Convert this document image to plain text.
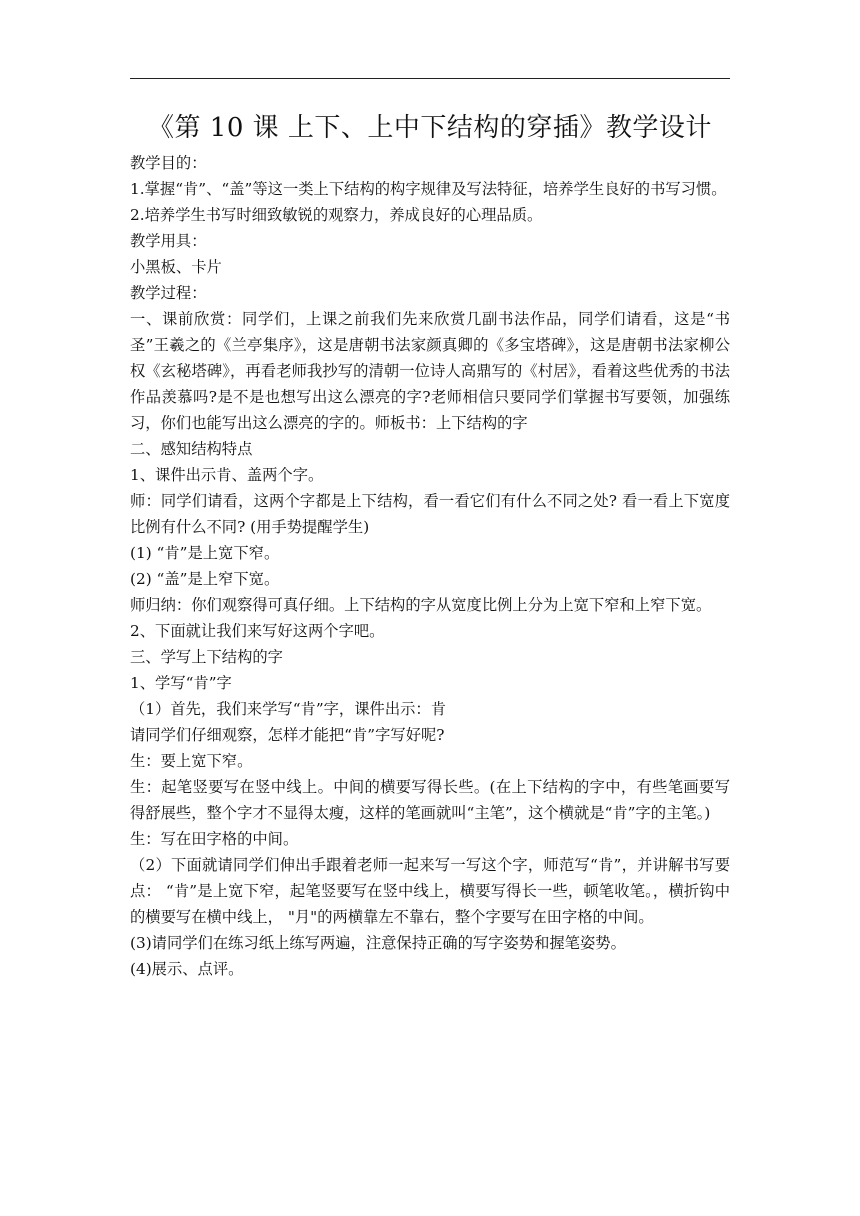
《第 10 课 上下、上中下结构的穿插》教学设计

教学目的：

1.掌握“肯”、“盖”等这一类上下结构的构字规律及写法特征，培养学生良好的书写习惯。

2.培养学生书写时细致敏锐的观察力，养成良好的心理品质。

教学用具：

小黑板、卡片

教学过程：

一、课前欣赏：同学们，上课之前我们先来欣赏几副书法作品，同学们请看，这是“书圣”王羲之的《兰亭集序》，这是唐朝书法家颜真卿的《多宝塔碑》，这是唐朝书法家柳公权《玄秘塔碑》，再看老师我抄写的清朝一位诗人高鼎写的《村居》，看着这些优秀的书法作品羡慕吗?是不是也想写出这么漂亮的字?老师相信只要同学们掌握书写要领，加强练习，你们也能写出这么漂亮的字的。师板书：上下结构的字

二、感知结构特点

1、课件出示肯、盖两个字。

师：同学们请看，这两个字都是上下结构，看一看它们有什么不同之处? 看一看上下宽度比例有什么不同? (用手势提醒学生)

(1) “肯”是上宽下窄。

(2) “盖”是上窄下宽。

师归纳：你们观察得可真仔细。上下结构的字从宽度比例上分为上宽下窄和上窄下宽。

2、下面就让我们来写好这两个字吧。

三、学写上下结构的字

1、学写“肯”字

（1）首先，我们来学写“肯”字，课件出示：肯

请同学们仔细观察，怎样才能把“肯”字写好呢?

生：要上宽下窄。

生：起笔竖要写在竖中线上。中间的横要写得长些。(在上下结构的字中，有些笔画要写得舒展些，整个字才不显得太瘦，这样的笔画就叫“主笔”，这个横就是“肯”字的主笔。)

生：写在田字格的中间。

（2）下面就请同学们伸出手跟着老师一起来写一写这个字，师范写“肯”，并讲解书写要点： “肯”是上宽下窄，起笔竖要写在竖中线上，横要写得长一些，顿笔收笔。，横折钩中的横要写在横中线上， "月"的两横靠左不靠右，整个字要写在田字格的中间。

(3)请同学们在练习纸上练写两遍，注意保持正确的写字姿势和握笔姿势。

(4)展示、点评。
